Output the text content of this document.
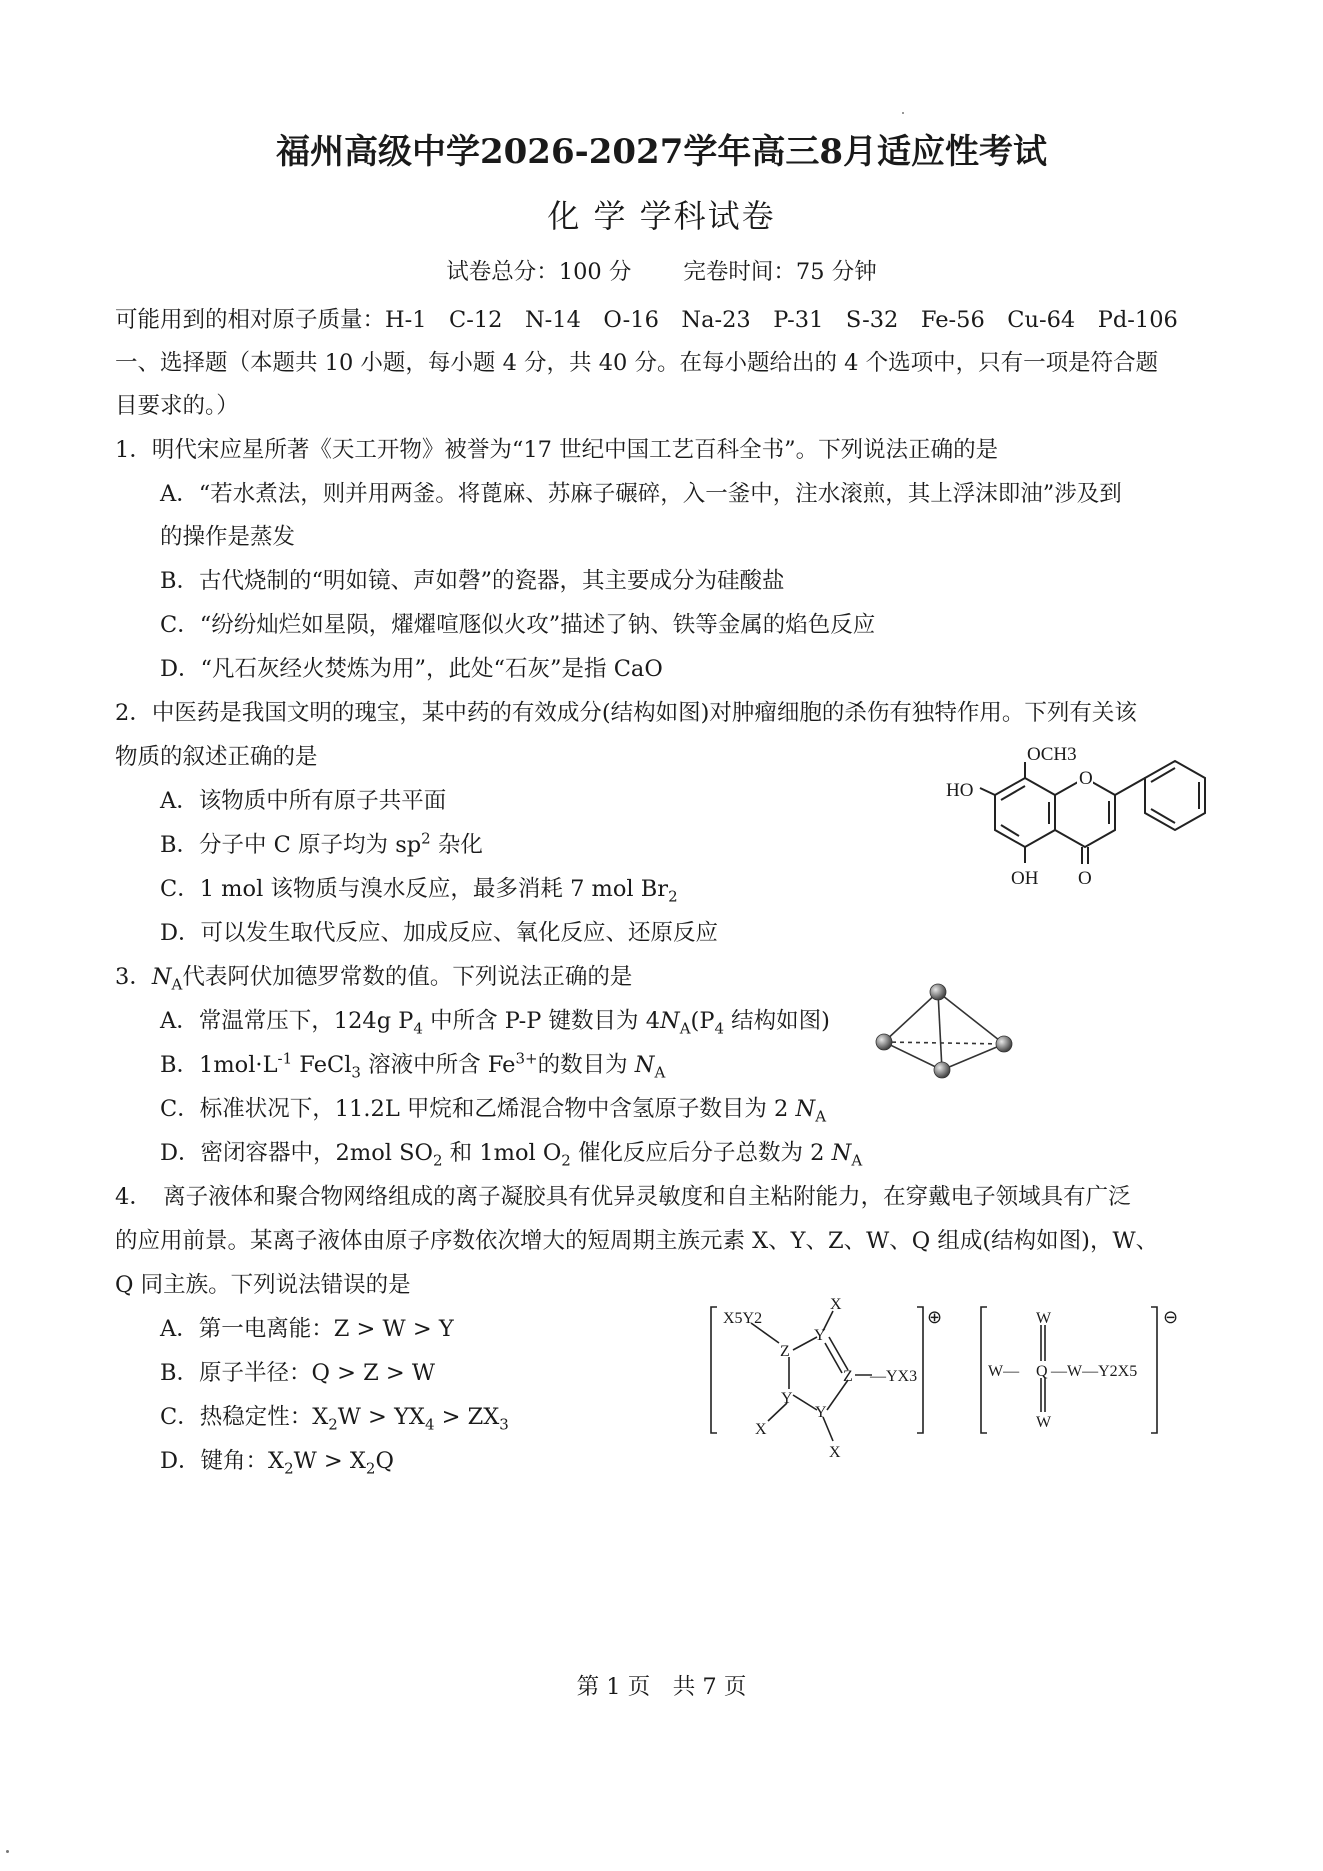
福州高级中学2026-2027学年高三8月适应性考试
化 学 学科试卷
试卷总分：100 分 完卷时间：75 分钟
可能用到的相对原子质量：H-1　C-12　N-14　O-16　Na-23　P-31　S-32　Fe-56　Cu-64　Pd-106
一、选择题（本题共 10 小题，每小题 4 分，共 40 分。在每小题给出的 4 个选项中，只有一项是符合题
目要求的。）
1．明代宋应星所著《天工开物》被誉为“17 世纪中国工艺百科全书”。下列说法正确的是
A．“若水煮法，则并用两釜。将蓖麻、苏麻子碾碎，入一釜中，注水滚煎，其上浮沫即油”涉及到
的操作是蒸发
B．古代烧制的“明如镜、声如磬”的瓷器，其主要成分为硅酸盐
C．“纷纷灿烂如星陨，燿燿喧豗似火攻”描述了钠、铁等金属的焰色反应
D．“凡石灰经火焚炼为用”，此处“石灰”是指 CaO
2．中医药是我国文明的瑰宝，某中药的有效成分(结构如图)对肿瘤细胞的杀伤有独特作用。下列有关该
物质的叙述正确的是
A．该物质中所有原子共平面
B．分子中 C 原子均为 $sp^2$ 杂化
C．1 mol 该物质与溴水反应，最多消耗 7 mol $Br_2$
D．可以发生取代反应、加成反应、氧化反应、还原反应
OCH3
HO
O
OH O
3．$N_A$代表阿伏加德罗常数的值。下列说法正确的是
A．常温常压下，124g $P_4$ 中所含 P-P 键数目为 $4N_A(P_4$ 结构如图)
B．$1mol\cdot L^{-1}$ FeCl$_3$ 溶液中所含 $Fe^{3+}$的数目为 $N_A$
C．标准状况下，11.2L 甲烷和乙烯混合物中含氢原子数目为 2 $N_A$
D．密闭容器中，2mol $SO_2$ 和 1mol $O_2$ 催化反应后分子总数为 2 $N_A$
4．　离子液体和聚合物网络组成的离子凝胶具有优异灵敏度和自主粘附能力，在穿戴电子领域具有广泛
的应用前景。某离子液体由原子序数依次增大的短周期主族元素 X、Y、Z、W、Q 组成(结构如图)，W、
Q 同主族。下列说法错误的是
A．第一电离能：Z > W > Y
B．原子半径：Q > Z > W
C．热稳定性：$X_2W > YX_4 > ZX_3$
D．键角：$X_2W > X_2Q$
X5Y2
Z
Y
Z
Y
Y
X
X
X
—YX3
⊕	W
W— Q —W—Y2X5
W
⊖
第 1 页　共 7 页
